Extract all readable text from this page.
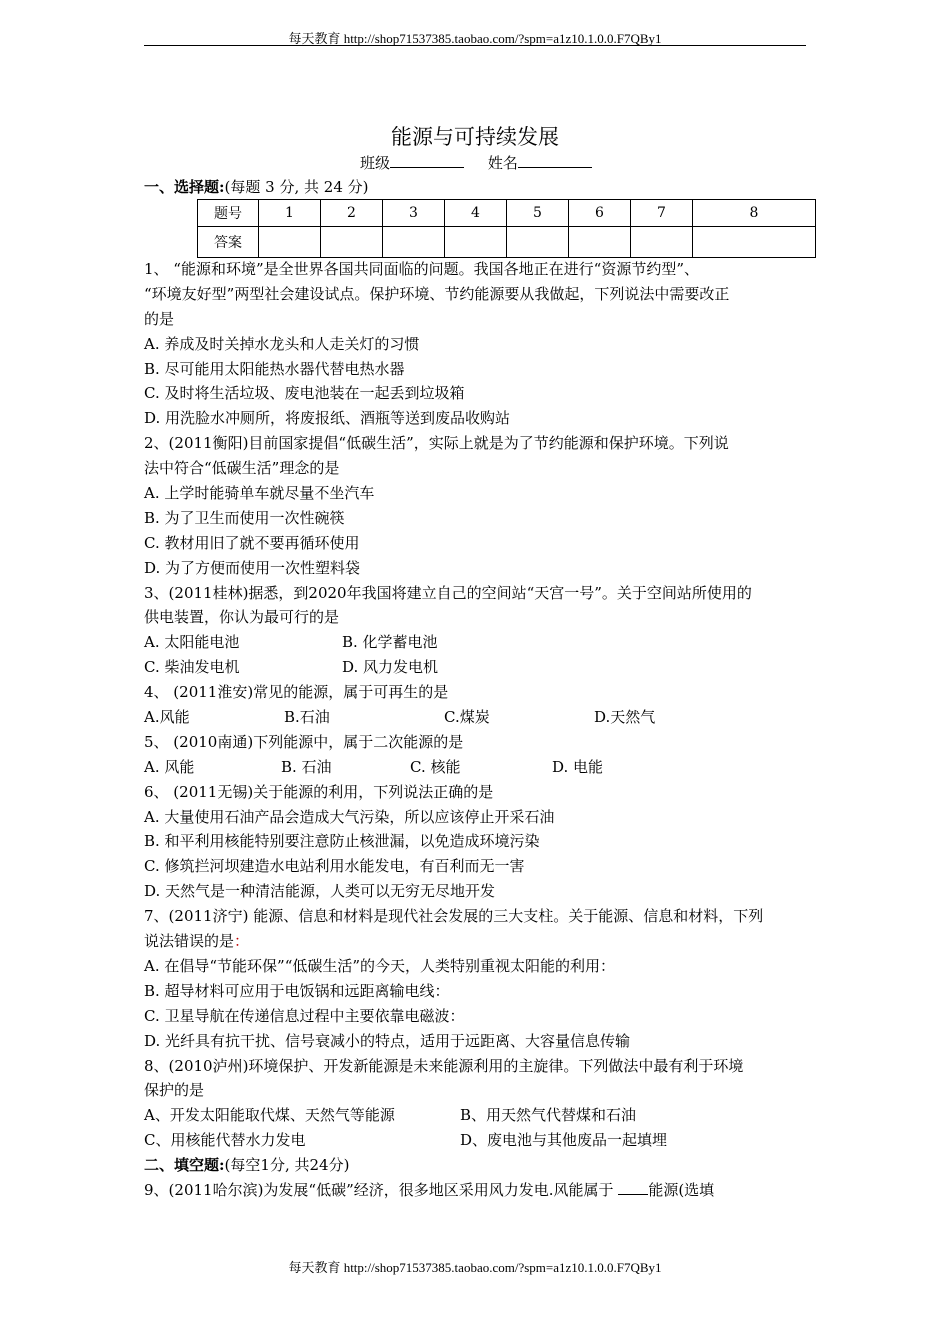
每天教育 http://shop71537385.taobao.com/?spm=a1z10.1.0.0.F7QBy1
能源与可持续发展
班级	姓名
一、选择题:(每题 3 分, 共 24 分)
题号	1	2	3	4	5	6	7	8
答案								
1、 “能源和环境”是全世界各国共同面临的问题。我国各地正在进行“资源节约型”、
“环境友好型”两型社会建设试点。保护环境、节约能源要从我做起，下列说法中需要改正
的是
A. 养成及时关掉水龙头和人走关灯的习惯
B. 尽可能用太阳能热水器代替电热水器
C. 及时将生活垃圾、废电池装在一起丢到垃圾箱
D. 用洗脸水冲厕所，将废报纸、酒瓶等送到废品收购站
2、(2011衡阳)目前国家提倡“低碳生活”，实际上就是为了节约能源和保护环境。下列说
法中符合“低碳生活”理念的是
A. 上学时能骑单车就尽量不坐汽车
B. 为了卫生而使用一次性碗筷
C. 教材用旧了就不要再循环使用
D. 为了方便而使用一次性塑料袋
3、(2011桂林)据悉，到2020年我国将建立自己的空间站“天宫一号”。关于空间站所使用的
供电装置，你认为最可行的是
A. 太阳能电池	B. 化学蓄电池
C. 柴油发电机	D. 风力发电机
4、 (2011淮安)常见的能源，属于可再生的是
A.风能	B.石油	C.煤炭	D.天然气
5、 (2010南通)下列能源中，属于二次能源的是
A. 风能	B. 石油	C. 核能	D. 电能
6、 (2011无锡)关于能源的利用，下列说法正确的是
A. 大量使用石油产品会造成大气污染，所以应该停止开采石油
B. 和平利用核能特别要注意防止核泄漏，以免造成环境污染
C. 修筑拦河坝建造水电站利用水能发电，有百利而无一害
D. 天然气是一种清洁能源，人类可以无穷无尽地开发
7、(2011济宁) 能源、信息和材料是现代社会发展的三大支柱。关于能源、信息和材料，下列
说法错误的是：
A. 在倡导“节能环保”“低碳生活”的今天，人类特别重视太阳能的利用：
B. 超导材料可应用于电饭锅和远距离输电线：
C. 卫星导航在传递信息过程中主要依靠电磁波：
D. 光纤具有抗干扰、信号衰减小的特点，适用于远距离、大容量信息传输
8、(2010泸州)环境保护、开发新能源是未来能源利用的主旋律。下列做法中最有利于环境
保护的是
A、开发太阳能取代煤、天然气等能源	B、用天然气代替煤和石油
C、用核能代替水力发电	D、废电池与其他废品一起填埋
二、填空题:(每空1分, 共24分)
9、(2011哈尔滨)为发展“低碳”经济，很多地区采用风力发电.风能属于 能源(选填
每天教育 http://shop71537385.taobao.com/?spm=a1z10.1.0.0.F7QBy1
